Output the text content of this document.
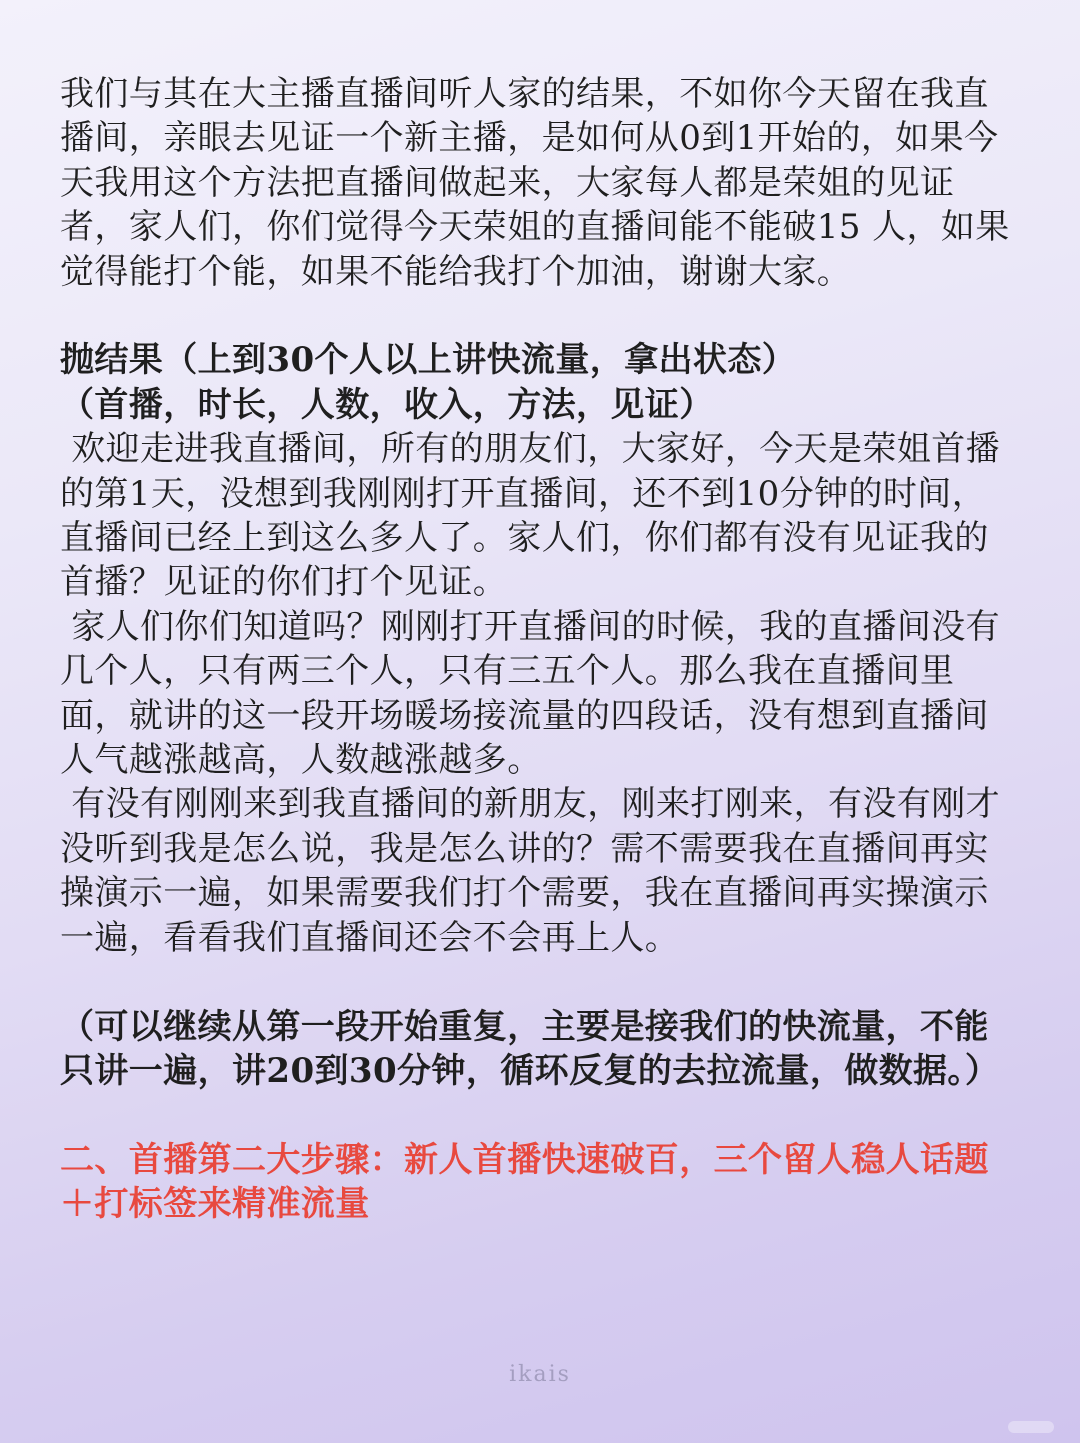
我们与其在大主播直播间听人家的结果，不如你今天留在我直播间，亲眼去见证一个新主播，是如何从0到1开始的，如果今天我用这个方法把直播间做起来，大家每人都是荣姐的见证者，家人们，你们觉得今天荣姐的直播间能不能破15 人，如果觉得能打个能，如果不能给我打个加油，谢谢大家。

抛结果（上到30个人以上讲快流量，拿出状态）

（首播，时长，人数，收入，方法，见证）

欢迎走进我直播间，所有的朋友们，大家好，今天是荣姐首播的第1天，没想到我刚刚打开直播间，还不到10分钟的时间，直播间已经上到这么多人了。家人们，你们都有没有见证我的首播？见证的你们打个见证。

家人们你们知道吗？刚刚打开直播间的时候，我的直播间没有几个人，只有两三个人，只有三五个人。那么我在直播间里面，就讲的这一段开场暖场接流量的四段话，没有想到直播间人气越涨越高，人数越涨越多。

有没有刚刚来到我直播间的新朋友，刚来打刚来，有没有刚才没听到我是怎么说，我是怎么讲的？需不需要我在直播间再实操演示一遍，如果需要我们打个需要，我在直播间再实操演示一遍，看看我们直播间还会不会再上人。

（可以继续从第一段开始重复，主要是接我们的快流量，不能只讲一遍，讲20到30分钟，循环反复的去拉流量，做数据。）

二、首播第二大步骤：新人首播快速破百，三个留人稳人话题＋打标签来精准流量

ikais
